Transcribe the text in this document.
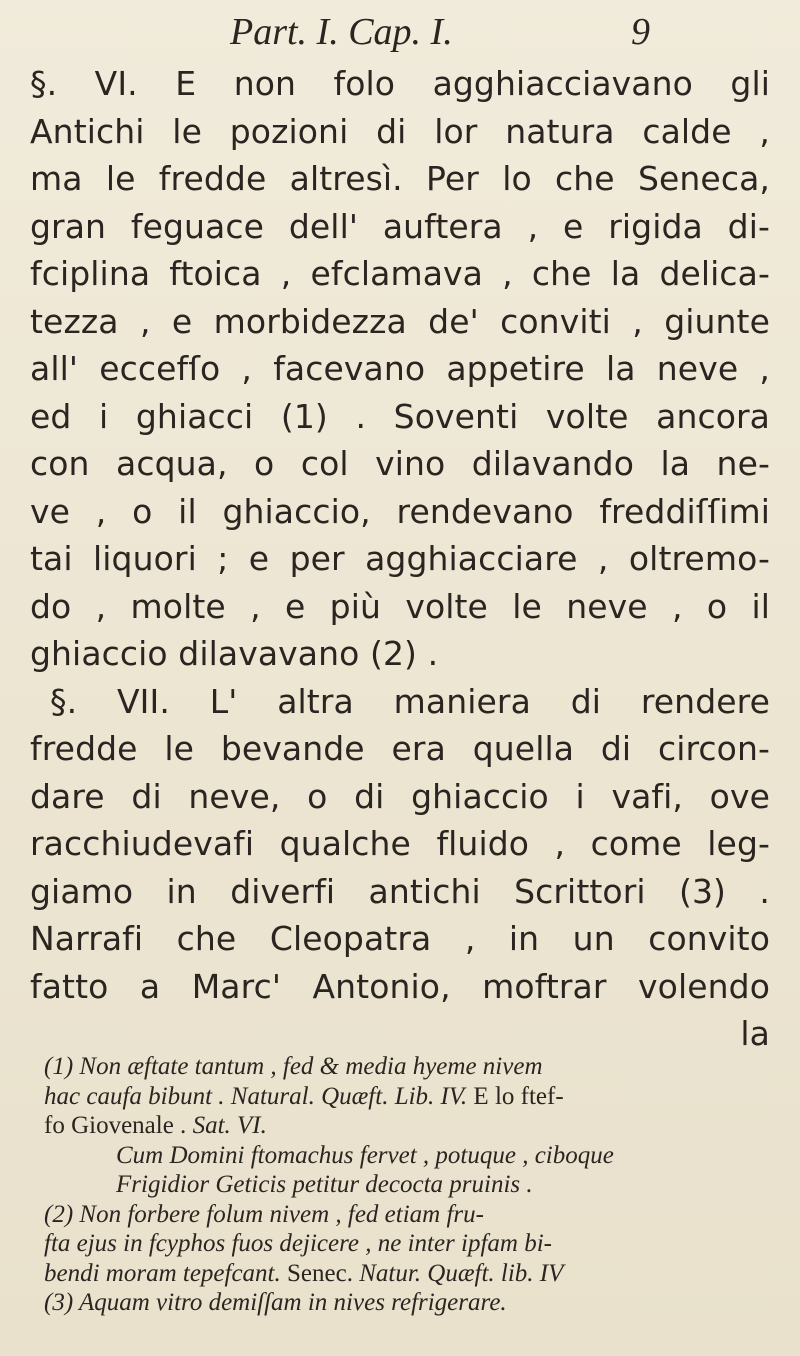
Part. I. Cap. I.	9
§. VI. E non folo agghiacciavano gli
Antichi le pozioni di lor natura calde ,
ma le fredde altresì. Per lo che Seneca,
gran feguace dell' auftera , e rigida di-
fciplina ftoica , efclamava , che la delica-
tezza , e morbidezza de' conviti , giunte
all' eccefſo , facevano appetire la neve ,
ed i ghiacci (1) . Soventi volte ancora
con acqua, o col vino dilavando la ne-
ve , o il ghiaccio, rendevano freddiſſimi
tai liquori ; e per agghiacciare , oltremo-
do , molte , e più volte le neve , o il
ghiaccio dilavavano (2) .
§. VII. L' altra maniera di rendere
fredde le bevande era quella di circon-
dare di neve, o di ghiaccio i vafi, ove
racchiudevafi qualche fluido , come leg-
giamo in diverfi antichi Scrittori (3) .
Narrafi che Cleopatra , in un convito
fatto a Marc' Antonio, moftrar volendo
la
(1) Non æftate tantum , fed & media hyeme nivem
hac caufa bibunt . Natural. Quæft. Lib. IV. E lo ftef-
fo Giovenale . Sat. VI.
Cum Domini ftomachus fervet , potuque , ciboque
Frigidior Geticis petitur decocta pruinis .
(2) Non forbere folum nivem , fed etiam fru-
fta ejus in fcyphos fuos dejicere , ne inter ipfam bi-
bendi moram tepefcant. Senec. Natur. Quæft. lib. IV
(3) Aquam vitro demiſſam in nives refrigerare.
